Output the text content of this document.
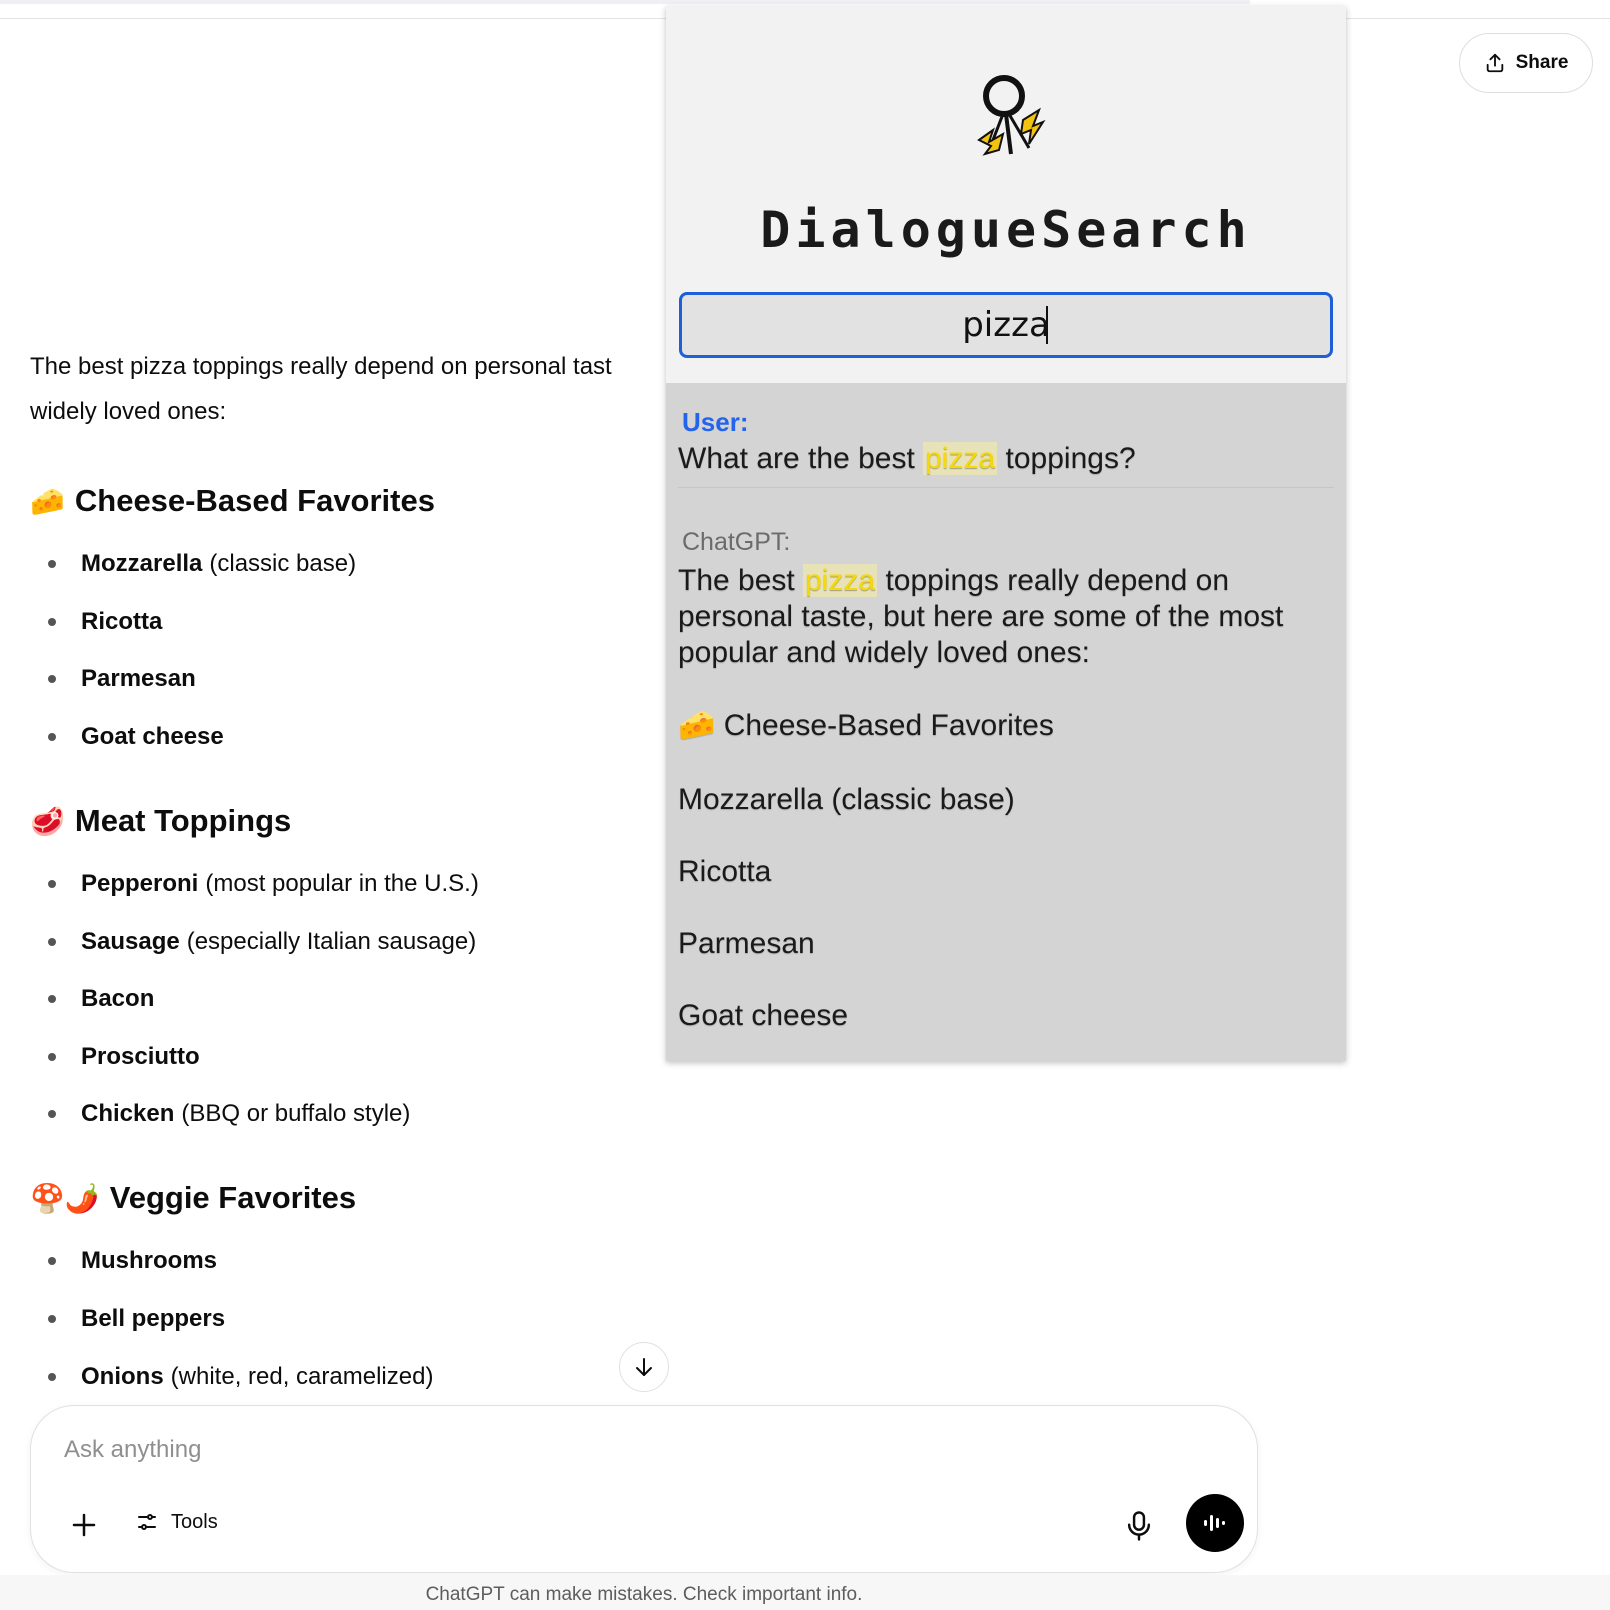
Share
The best pizza toppings really depend on personal tast
widely loved ones:
🧀 Cheese-Based Favorites
Mozzarella (classic base)
Ricotta
Parmesan
Goat cheese
🥩 Meat Toppings
Pepperoni (most popular in the U.S.)
Sausage (especially Italian sausage)
Bacon
Prosciutto
Chicken (BBQ or buffalo style)
🍄🌶️ Veggie Favorites
Mushrooms
Bell peppers
Onions (white, red, caramelized)
Ask anything
Tools
ChatGPT can make mistakes. Check important info.
DialogueSearch
pizza
User:
What are the best pizza toppings?
ChatGPT:
The best pizza toppings really depend on personal taste, but here are some of the most popular and widely loved ones:
🧀 Cheese-Based Favorites
Mozzarella (classic base)
Ricotta
Parmesan
Goat cheese
